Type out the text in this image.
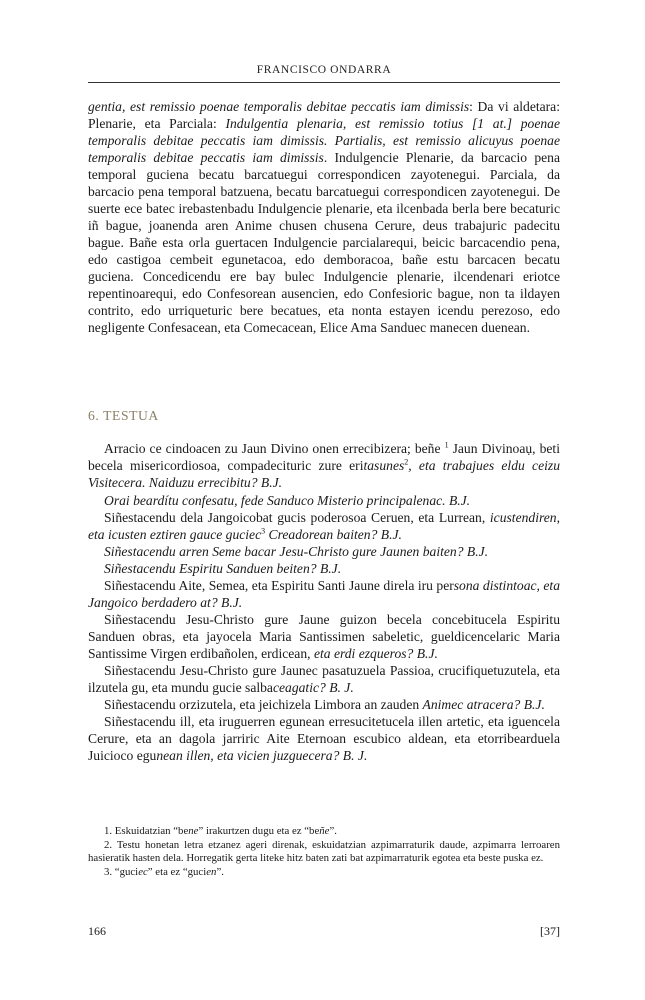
FRANCISCO ONDARRA

gentia, est remissio poenae temporalis debitae peccatis iam dimissis: Da vi aldetara: Plenarie, eta Parciala: Indulgentia plenaria, est remissio totius [1 at.] poenae temporalis debitae peccatis iam dimissis. Partialis, est remissio alicuyus poenae temporalis debitae peccatis iam dimissis. Indulgencie Plenarie, da barcacio pena temporal guciena becatu barcatuegui correspondicen zayotenegui. Parciala, da barcacio pena temporal batzuena, becatu barcatuegui correspondicen zayotenegui. De suerte ece batec irebastenbadu Indulgencie plenarie, eta ilcenbada berla bere becaturic iñ bague, joanenda aren Anime chusen chusena Cerure, deus trabajuric padecitu bague. Bañe esta orla guertacen Indulgencie parcialarequi, beicic barcacendio pena, edo castigoa cembeit egunetacoa, edo demboracoa, bañe estu barcacen becatu guciena. Concedicendu ere bay bulec Indulgencie plenarie, ilcendenari eriotce repentinoarequi, edo Confesorean ausencien, edo Confesioric bague, non ta ildayen contrito, edo urriqueturic bere becatues, eta nonta estayen icendu perezoso, edo negligente Confesacean, eta Comecacean, Elice Ama Sanduec manecen duenean.

6. TESTUA

Arracio ce cindoacen zu Jaun Divino onen errecibizera; beñe $^1$ Jaun Divinoaụ, beti becela misericordiosoa, compadecituric zure eritasunes$^2$, eta trabajues eldu ceizu Visitecera. Naiduzu errecibitu? B.J.

Orai beardítu confesatu, fede Sanduco Misterio principalenac. B.J.

Siñestacendu dela Jangoicobat gucis poderosoa Ceruen, eta Lurrean, icustendiren, eta icusten eztiren gauce guciec$^3$ Creadorean baiten? B.J.

Siñestacendu arren Seme bacar Jesu-Christo gure Jaunen baiten? B.J.

Siñestacendu Espiritu Sanduen beiten? B.J.

Siñestacendu Aite, Semea, eta Espiritu Santi Jaune direla iru persona distintoac, eta Jangoico berdadero at? B.J.

Siñestacendu Jesu-Christo gure Jaune guizon becela concebitucela Espiritu Sanduen obras, eta jayocela Maria Santissimen sabeletic, gueldicencelaric Maria Santissime Virgen erdibañolen, erdicean, eta erdi ezqueros? B.J.

Siñestacendu Jesu-Christo gure Jaunec pasatuzuela Passioa, crucifiquetuzutela, eta ilzutela gu, eta mundu gucie salbaceagatic? B. J.

Siñestacendu orzizutela, eta jeichizela Limbora an zauden Animec atracera? B.J.

Siñestacendu ill, eta iruguerren egunean erresucitetucela illen artetic, eta iguencela Cerure, eta an dagola jarriric Aite Eternoan escubico aldean, eta etorribearduela Juicioco egunean illen, eta vicien juzguecera? B. J.

1. Eskuidatzian “bene” irakurtzen dugu eta ez “beñe”.

2. Testu honetan letra etzanez ageri direnak, eskuidatzian azpimarraturik daude, azpimarra lerroaren hasieratik hasten dela. Horregatik gerta liteke hitz baten zati bat azpimarraturik egotea eta beste puska ez.

3. “guciec” eta ez “gucien”.

166	[37]
